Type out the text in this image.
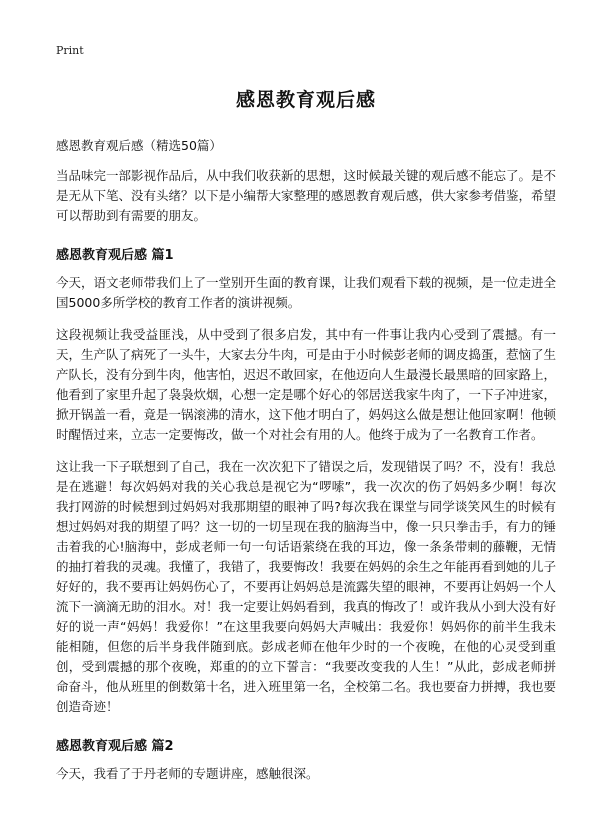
Print
感恩教育观后感
感恩教育观后感（精选50篇）

当品味完一部影视作品后，从中我们收获新的思想，这时候最关键的观后感不能忘了。是不是无从下笔、没有头绪？以下是小编帮大家整理的感恩教育观后感，供大家参考借鉴，希望可以帮助到有需要的朋友。

感恩教育观后感 篇1

今天，语文老师带我们上了一堂别开生面的教育课，让我们观看下载的视频，是一位走进全国5000多所学校的教育工作者的演讲视频。

这段视频让我受益匪浅，从中受到了很多启发，其中有一件事让我内心受到了震撼。有一天，生产队了病死了一头牛，大家去分牛肉，可是由于小时候彭老师的调皮捣蛋，惹恼了生产队长，没有分到牛肉，他害怕，迟迟不敢回家，在他迈向人生最漫长最黑暗的回家路上，他看到了家里升起了袅袅炊烟，心想一定是哪个好心的邻居送我家牛肉了，一下子冲进家，掀开锅盖一看，竟是一锅滚沸的清水，这下他才明白了，妈妈这么做是想让他回家啊！他顿时醒悟过来，立志一定要悔改，做一个对社会有用的人。他终于成为了一名教育工作者。

这让我一下子联想到了自己，我在一次次犯下了错误之后，发现错误了吗？不，没有！我总是在逃避！每次妈妈对我的关心我总是视它为“啰嗦”，我一次次的伤了妈妈多少啊！每次我打网游的时候想到过妈妈对我那期望的眼神了吗?每次我在课堂与同学谈笑风生的时候有想过妈妈对我的期望了吗？这一切的一切呈现在我的脑海当中，像一只只拳击手，有力的锤击着我的心!脑海中，彭成老师一句一句话语萦绕在我的耳边，像一条条带刺的藤鞭，无情的抽打着我的灵魂。我懂了，我错了，我要悔改！我要在妈妈的余生之年能再看到她的儿子好好的，我不要再让妈妈伤心了，不要再让妈妈总是流露失望的眼神，不要再让妈妈一个人流下一滴滴无助的泪水。对！我一定要让妈妈看到，我真的悔改了！或许我从小到大没有好好的说一声“妈妈！我爱你！”在这里我要向妈妈大声喊出：我爱你！妈妈你的前半生我未能相随，但您的后半身我伴随到底。彭成老师在他年少时的一个夜晚，在他的心灵受到重创，受到震撼的那个夜晚，郑重的的立下誓言：“我要改变我的人生！”从此，彭成老师拼命奋斗，他从班里的倒数第十名，进入班里第一名，全校第二名。我也要奋力拼搏，我也要创造奇迹！

感恩教育观后感 篇2

今天，我看了于丹老师的专题讲座，感触很深。
